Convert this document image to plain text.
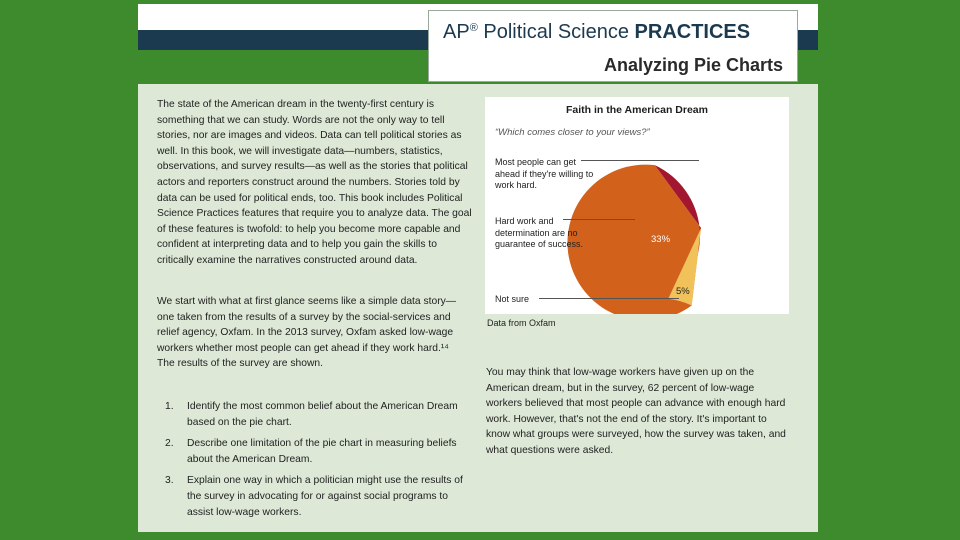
AP® Political Science PRACTICES
Analyzing Pie Charts
The state of the American dream in the twenty-first century is something that we can study. Words are not the only way to tell stories, nor are images and videos. Data can tell political stories as well. In this book, we will investigate data—numbers, statistics, observations, and survey results—as well as the stories that political actors and reporters construct around the numbers. Stories told by data can be used for political ends, too. This book includes Political Science Practices features that require you to analyze data. The goal of these features is twofold: to help you become more capable and confident at interpreting data and to help you gain the skills to critically examine the narratives constructed around data.
We start with what at first glance seems like a simple data story—one taken from the results of a survey by the social-services and relief agency, Oxfam. In the 2013 survey, Oxfam asked low-wage workers whether most people can get ahead if they work hard.¹⁴ The results of the survey are shown.
1.	Identify the most common belief about the American Dream based on the pie chart.
2.	Describe one limitation of the pie chart in measuring beliefs about the American Dream.
3.	Explain one way in which a politician might use the results of the survey in advocating for or against social programs to assist low-wage workers.
Faith in the American Dream
“Which comes closer to your views?”
62%
33%
5%
Most people can get ahead if they're willing to work hard.
Hard work and determination are no guarantee of success.
Not sure
Data from Oxfam
You may think that low-wage workers have given up on the American dream, but in the survey, 62 percent of low-wage workers believed that most people can advance with enough hard work. However, that's not the end of the story. It's important to know what groups were surveyed, how the survey was taken, and what questions were asked.
